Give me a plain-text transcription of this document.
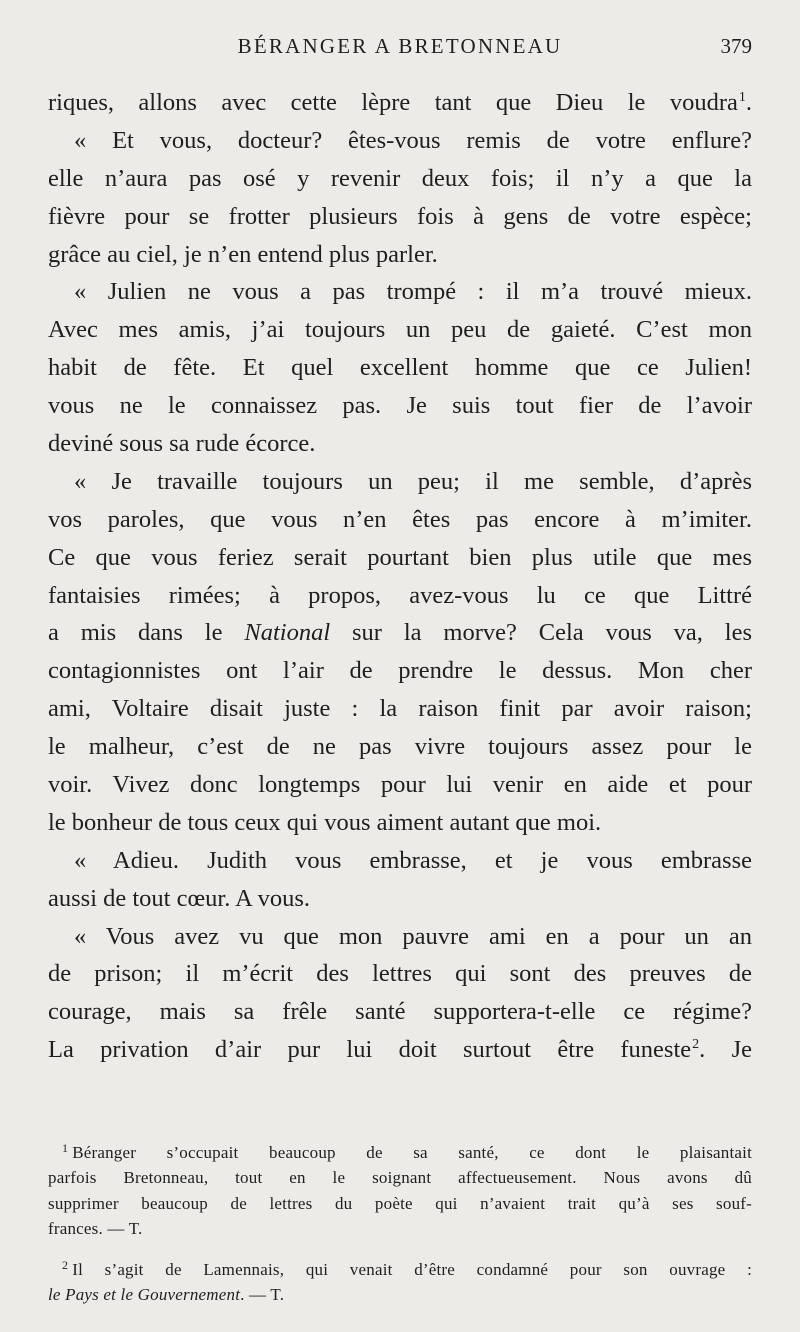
BÉRANGER A BRETONNEAU	379
riques, allons avec cette lèpre tant que Dieu le voudra$^1$.
« Et vous, docteur? êtes-vous remis de votre enflure?
elle n’aura pas osé y revenir deux fois; il n’y a que la
fièvre pour se frotter plusieurs fois à gens de votre espèce;
grâce au ciel, je n’en entend plus parler.
« Julien ne vous a pas trompé : il m’a trouvé mieux.
Avec mes amis, j’ai toujours un peu de gaieté. C’est mon
habit de fête. Et quel excellent homme que ce Julien!
vous ne le connaissez pas. Je suis tout fier de l’avoir
deviné sous sa rude écorce.
« Je travaille toujours un peu; il me semble, d’après
vos paroles, que vous n’en êtes pas encore à m’imiter.
Ce que vous feriez serait pourtant bien plus utile que mes
fantaisies rimées; à propos, avez-vous lu ce que Littré
a mis dans le National sur la morve? Cela vous va, les
contagionnistes ont l’air de prendre le dessus. Mon cher
ami, Voltaire disait juste : la raison finit par avoir raison;
le malheur, c’est de ne pas vivre toujours assez pour le
voir. Vivez donc longtemps pour lui venir en aide et pour
le bonheur de tous ceux qui vous aiment autant que moi.
« Adieu. Judith vous embrasse, et je vous embrasse
aussi de tout cœur. A vous.
« Vous avez vu que mon pauvre ami en a pour un an
de prison; il m’écrit des lettres qui sont des preuves de
courage, mais sa frêle santé supportera-t-elle ce régime?
La privation d’air pur lui doit surtout être funeste$^2$. Je
$^1$ Béranger s’occupait beaucoup de sa santé, ce dont le plaisantait
parfois Bretonneau, tout en le soignant affectueusement. Nous avons dû
supprimer beaucoup de lettres du poète qui n’avaient trait qu’à ses souf-
frances. — T.
$^2$ Il s’agit de Lamennais, qui venait d’être condamné pour son ouvrage :
le Pays et le Gouvernement. — T.
